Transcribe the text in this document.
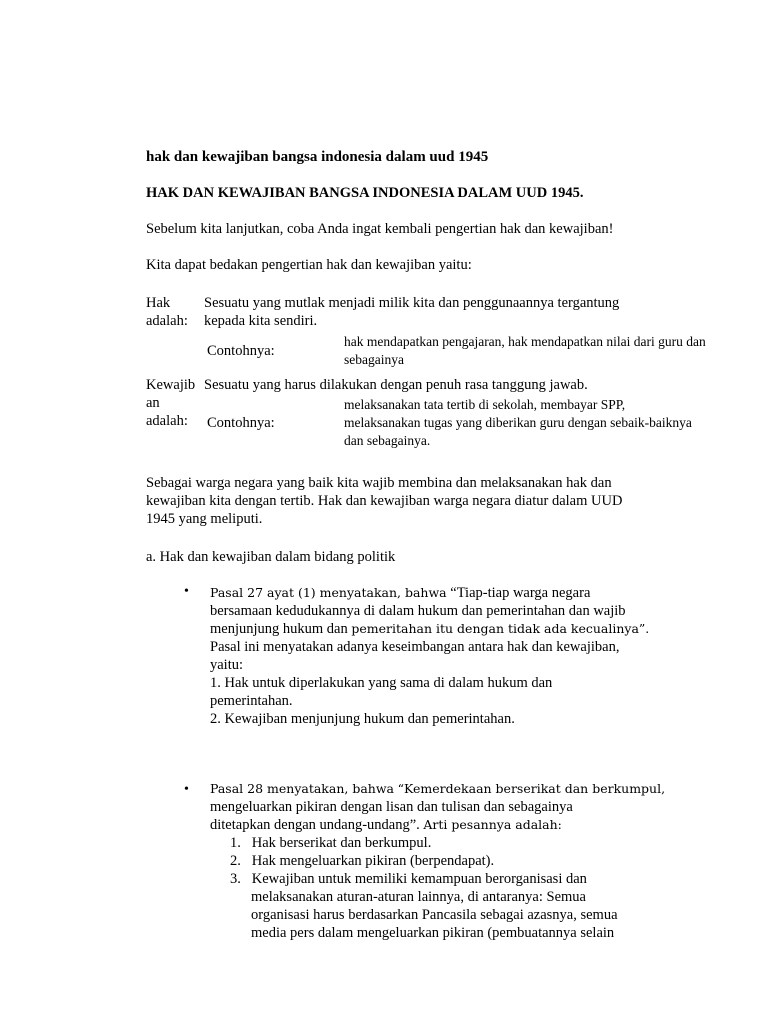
hak dan kewajiban bangsa indonesia dalam uud 1945
HAK DAN KEWAJIBAN BANGSA INDONESIA DALAM UUD 1945.
Sebelum kita lanjutkan, coba Anda ingat kembali pengertian hak dan kewajiban!
Kita dapat bedakan pengertian hak dan kewajiban yaitu:
Hak
adalah:
Sesuatu yang mutlak menjadi milik kita dan penggunaannya tergantung
kepada kita sendiri.
Contohnya:
hak mendapatkan pengajaran, hak mendapatkan nilai dari guru dan
sebagainya
Kewajib
an
adalah:
Sesuatu yang harus dilakukan dengan penuh rasa tanggung jawab.
Contohnya:
melaksanakan tata tertib di sekolah, membayar SPP,
melaksanakan tugas yang diberikan guru dengan sebaik-baiknya
dan sebagainya.
Sebagai warga negara yang baik kita wajib membina dan melaksanakan hak dan
kewajiban kita dengan tertib. Hak dan kewajiban warga negara diatur dalam UUD
1945 yang meliputi.
a. Hak dan kewajiban dalam bidang politik
• Pasal 27 ayat (1) menyatakan, bahwa “Tiap-tiap warga negara
bersamaan kedudukannya di dalam hukum dan pemerintahan dan wajib
menjunjung hukum dan pemeritahan itu dengan tidak ada kecualinya”.
Pasal ini menyatakan adanya keseimbangan antara hak dan kewajiban,
yaitu:
1. Hak untuk diperlakukan yang sama di dalam hukum dan
pemerintahan.
2. Kewajiban menjunjung hukum dan pemerintahan.
• Pasal 28 menyatakan, bahwa “Kemerdekaan berserikat dan berkumpul,
mengeluarkan pikiran dengan lisan dan tulisan dan sebagainya
ditetapkan dengan undang-undang”. Arti pesannya adalah:
1. Hak berserikat dan berkumpul.
2. Hak mengeluarkan pikiran (berpendapat).
3. Kewajiban untuk memiliki kemampuan berorganisasi dan
melaksanakan aturan-aturan lainnya, di antaranya: Semua
organisasi harus berdasarkan Pancasila sebagai azasnya, semua
media pers dalam mengeluarkan pikiran (pembuatannya selain
